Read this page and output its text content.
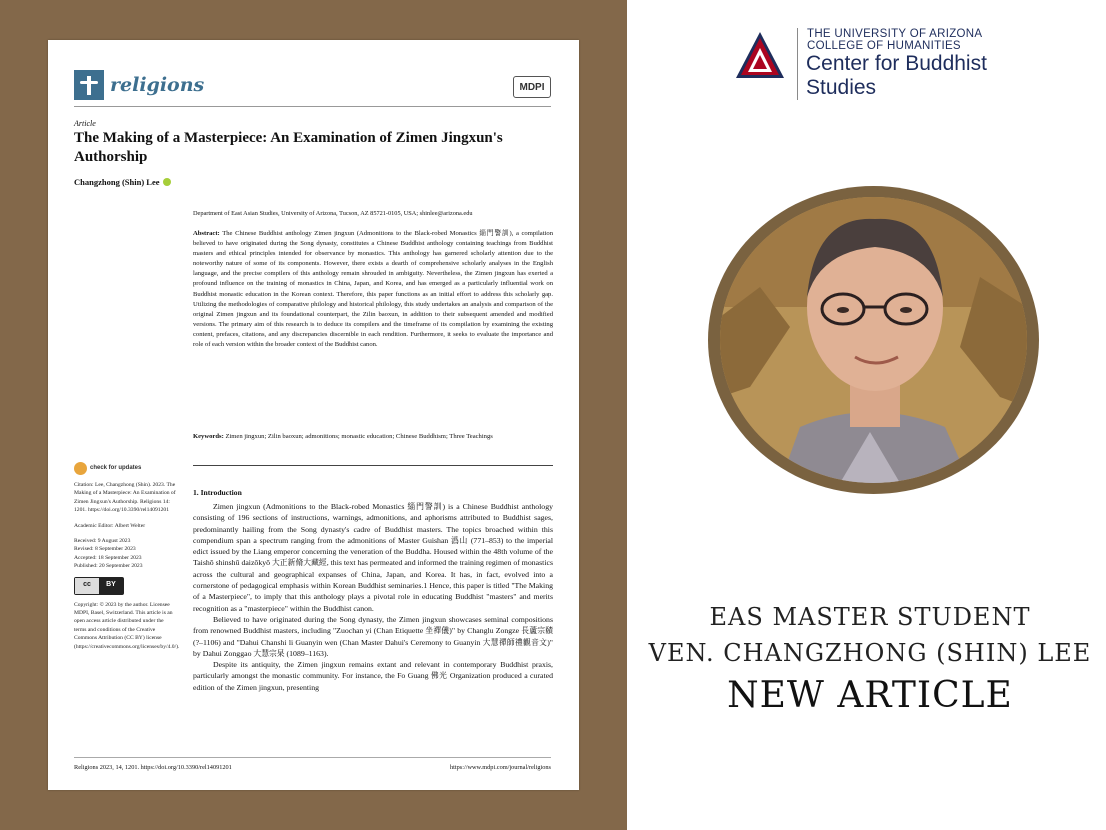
religions	MDPI
Article
The Making of a Masterpiece: An Examination of Zimen Jingxun's Authorship
Changzhong (Shin) Lee
Department of East Asian Studies, University of Arizona, Tucson, AZ 85721-0105, USA; shinlee@arizona.edu
Abstract: The Chinese Buddhist anthology Zimen jingxun (Admonitions to the Black-robed Monastics 緇門警訓), a compilation believed to have originated during the Song dynasty, constitutes a Chinese Buddhist anthology containing teachings from Buddhist masters and ethical principles intended for observance by monastics. This anthology has garnered scholarly attention due to the noteworthy nature of some of its components. However, there exists a dearth of comprehensive scholarly analyses in the English language, and the precise compilers of this anthology remain shrouded in ambiguity. Nevertheless, the Zimen jingxun has exerted a profound influence on the training of monastics in China, Japan, and Korea, and has emerged as a particularly influential work on Buddhist monastic education in the Korean context. Therefore, this paper functions as an initial effort to address this scholarly gap. Utilizing the methodologies of comparative philology and historical philology, this study undertakes an analysis and comparison of the original Zimen jingxun and its foundational counterpart, the Zilin baoxun, in addition to their subsequent amended and modified versions. The primary aim of this research is to deduce its compilers and the timeframe of its compilation by examining the existing content, prefaces, citations, and any discrepancies discernible in each rendition. Furthermore, it seeks to evaluate the importance and role of each version within the broader context of the Buddhist canon.
Keywords: Zimen jingxun; Zilin baoxun; admonitions; monastic education; Chinese Buddhism; Three Teachings
check for updates
Citation: Lee, Changzhong (Shin). 2023. The Making of a Masterpiece: An Examination of Zimen Jingxun's Authorship. Religions 14: 1201. https://doi.org/10.3390/rel14091201
Academic Editor: Albert Welter
Received: 9 August 2023
Revised: 8 September 2023
Accepted: 18 September 2023
Published: 20 September 2023
cc	BY
Copyright: © 2023 by the author. Licensee MDPI, Basel, Switzerland. This article is an open access article distributed under the terms and conditions of the Creative Commons Attribution (CC BY) license (https://creativecommons.org/licenses/by/4.0/).
1. Introduction

Zimen jingxun (Admonitions to the Black-robed Monastics 緇門警訓) is a Chinese Buddhist anthology consisting of 196 sections of instructions, warnings, admonitions, and aphorisms attributed to Buddhist sages, predominantly hailing from the Song dynasty's cadre of Buddhist masters. The topics broached within this compendium span a spectrum ranging from the admonitions of Master Guishan 潙山 (771–853) to the imperial edict issued by the Liang emperor concerning the veneration of the Buddha. Housed within the 48th volume of the Taishō shinshū daizōkyō 大正新脩大藏經, this text has permeated and informed the training regimen of monastics across the cultural and geographical expanses of China, Japan, and Korea. It has, in fact, evolved into a cornerstone of pedagogical emphasis within Korean Buddhist seminaries.1 Hence, this paper is titled "The Making of a Masterpiece", to imply that this anthology plays a pivotal role in educating Buddhist "masters" and merits recognition as a "masterpiece" within the Buddhist canon.

Believed to have originated during the Song dynasty, the Zimen jingxun showcases seminal compositions from renowned Buddhist masters, including "Zuochan yi (Chan Etiquette 坐禪儀)" by Changlu Zongze 長蘆宗賾 (?–1106) and "Dahui Chanshi li Guanyin wen (Chan Master Dahui's Ceremony to Guanyin 大慧禪師禮觀音文)" by Dahui Zonggao 大慧宗杲 (1089–1163).

Despite its antiquity, the Zimen jingxun remains extant and relevant in contemporary Buddhist praxis, particularly amongst the monastic community. For instance, the Fo Guang 佛光 Organization produced a curated edition of the Zimen jingxun, presenting

Religions 2023, 14, 1201. https://doi.org/10.3390/rel14091201	https://www.mdpi.com/journal/religions
THE UNIVERSITY OF ARIZONA
COLLEGE OF HUMANITIES
Center for Buddhist
Studies
EAS MASTER STUDENT
VEN. CHANGZHONG (SHIN) LEE
NEW ARTICLE
